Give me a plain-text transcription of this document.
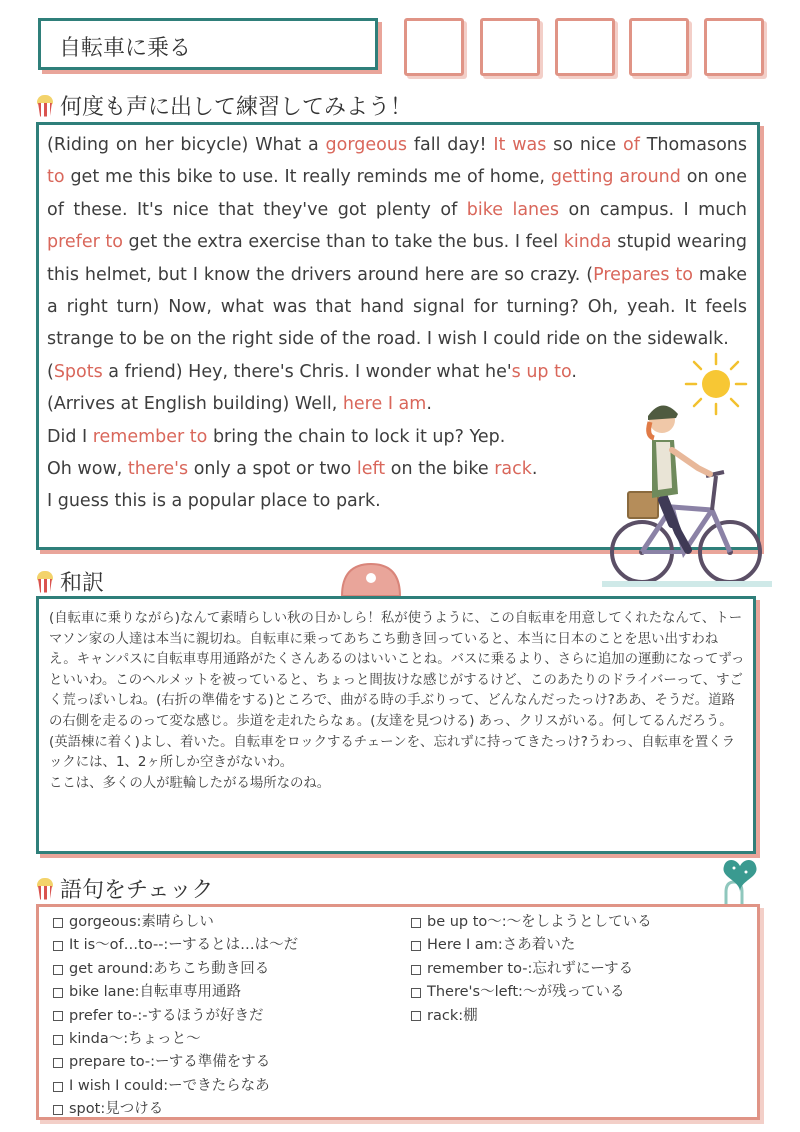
自転車に乗る
何度も声に出して練習してみよう！
(Riding on her bicycle) What a gorgeous fall day! It was so nice of Thomasons to get me this bike to use. It really reminds me of home, getting around on one of these. It's nice that they've got plenty of bike lanes on campus. I much prefer to get the extra exercise than to take the bus. I feel kinda stupid wearing this helmet, but I know the drivers around here are so crazy. (Prepares to make a right turn) Now, what was that hand signal for turning? Oh, yeah. It feels strange to be on the right side of the road. I wish I could ride on the sidewalk.
(Spots a friend) Hey, there's Chris. I wonder what he's up to.
(Arrives at English building) Well, here I am.
Did I remember to bring the chain to lock it up? Yep.
Oh wow, there's only a spot or two left on the bike rack.
I guess this is a popular place to park.
和訳
(自転車に乗りながら)なんて素晴らしい秋の日かしら！私が使うように、この自転車を用意してくれたなんて、トーマソン家の人達は本当に親切ね。自転車に乗ってあちこち動き回っていると、本当に日本のことを思い出すわねえ。キャンパスに自転車専用通路がたくさんあるのはいいことね。バスに乗るより、さらに追加の運動になってずっといいわ。このヘルメットを被っていると、ちょっと間抜けな感じがするけど、このあたりのドライバーって、すごく荒っぽいしね。(右折の準備をする)ところで、曲がる時の手ぶりって、どんなんだったっけ?ああ、そうだ。道路の右側を走るのって変な感じ。歩道を走れたらなぁ。(友達を見つける) あっ、クリスがいる。何してるんだろう。(英語棟に着く)よし、着いた。自転車をロックするチェーンを、忘れずに持ってきたっけ?うわっ、自転車を置くラックには、1、2ヶ所しか空きがないわ。
ここは、多くの人が駐輪したがる場所なのね。
語句をチェック
gorgeous:素晴らしい
It is～of…to--:ーするとは…は～だ
get around:あちこち動き回る
bike lane:自転車専用通路
prefer to-:-するほうが好きだ
kinda～:ちょっと～
prepare to-:ーする準備をする
I wish I could:ーできたらなあ
spot:見つける
be up to～:～をしようとしている
Here I am:さあ着いた
remember to-:忘れずにーする
There's～left:～が残っている
rack:棚
